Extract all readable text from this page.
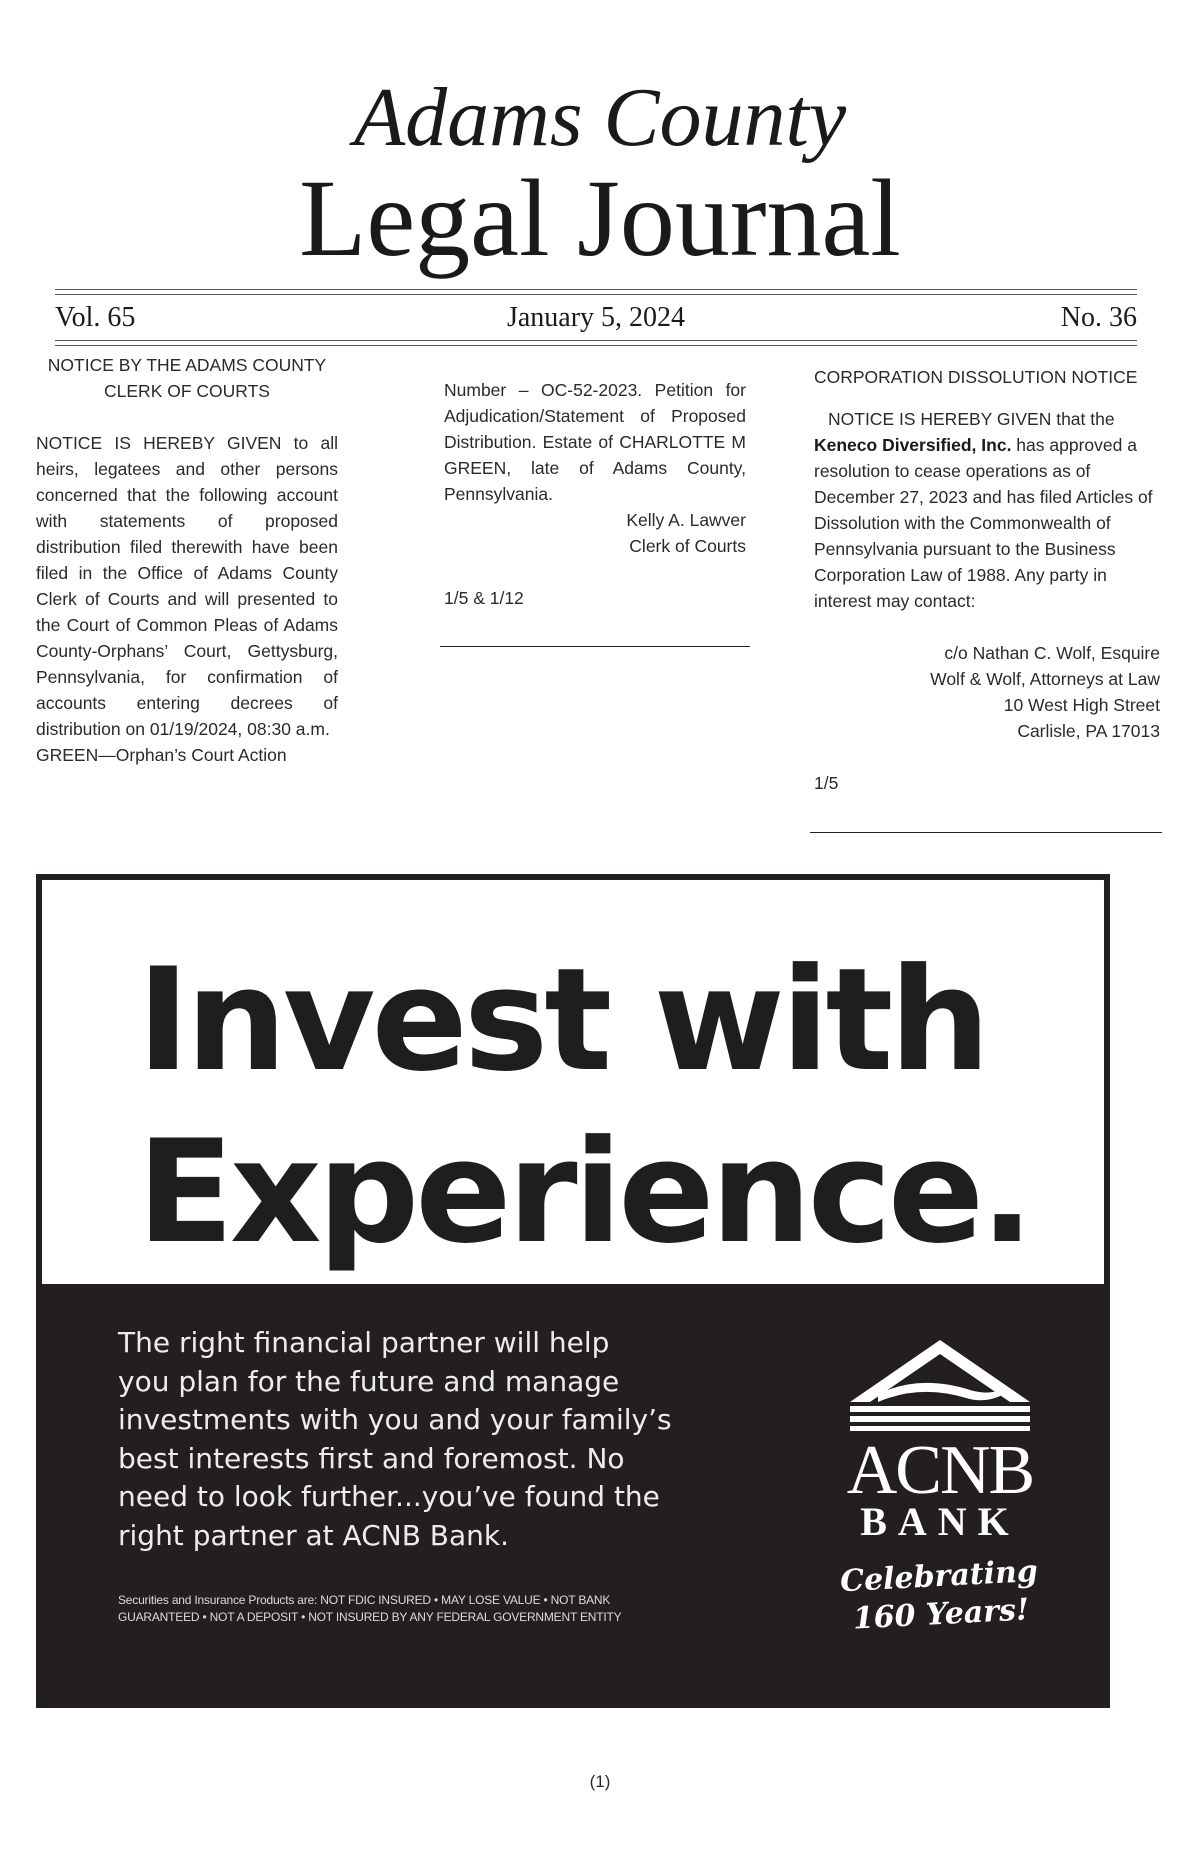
Adams County
Legal Journal
Vol. 65	January 5, 2024	No. 36

NOTICE BY THE ADAMS COUNTY

CLERK OF COURTS

NOTICE IS HEREBY GIVEN to all heirs, legatees and other persons concerned that the following account with statements of proposed distribution filed therewith have been filed in the Office of Adams County Clerk of Courts and will presented to the Court of Common Pleas of Adams County-Orphans’ Court, Gettysburg, Pennsylvania, for confirmation of accounts entering decrees of distribution on 01/19/2024, 08:30 a.m.

GREEN—Orphan’s Court Action

Number – OC-52-2023. Petition for Adjudication/Statement of Proposed Distribution. Estate of CHARLOTTE M GREEN, late of Adams County, Pennsylvania.

Kelly A. Lawver

Clerk of Courts

1/5 & 1/12

CORPORATION DISSOLUTION NOTICE

NOTICE IS HEREBY GIVEN that the Keneco Diversified, Inc. has approved a resolution to cease operations as of December 27, 2023 and has filed Articles of Dissolution with the Commonwealth of Pennsylvania pursuant to the Business Corporation Law of 1988. Any party in interest may contact:

c/o Nathan C. Wolf, Esquire

Wolf & Wolf, Attorneys at Law

10 West High Street

Carlisle, PA 17013

1/5

Invest with
Experience.
The right financial partner will help
you plan for the future and manage
investments with you and your family’s
best interests first and foremost. No
need to look further...you’ve found the
right partner at ACNB Bank.
Securities and Insurance Products are: NOT FDIC INSURED • MAY LOSE VALUE • NOT BANK
GUARANTEED • NOT A DEPOSIT • NOT INSURED BY ANY FEDERAL GOVERNMENT ENTITY
ACNB
BANK
Celebrating
160 Years!
(1)
